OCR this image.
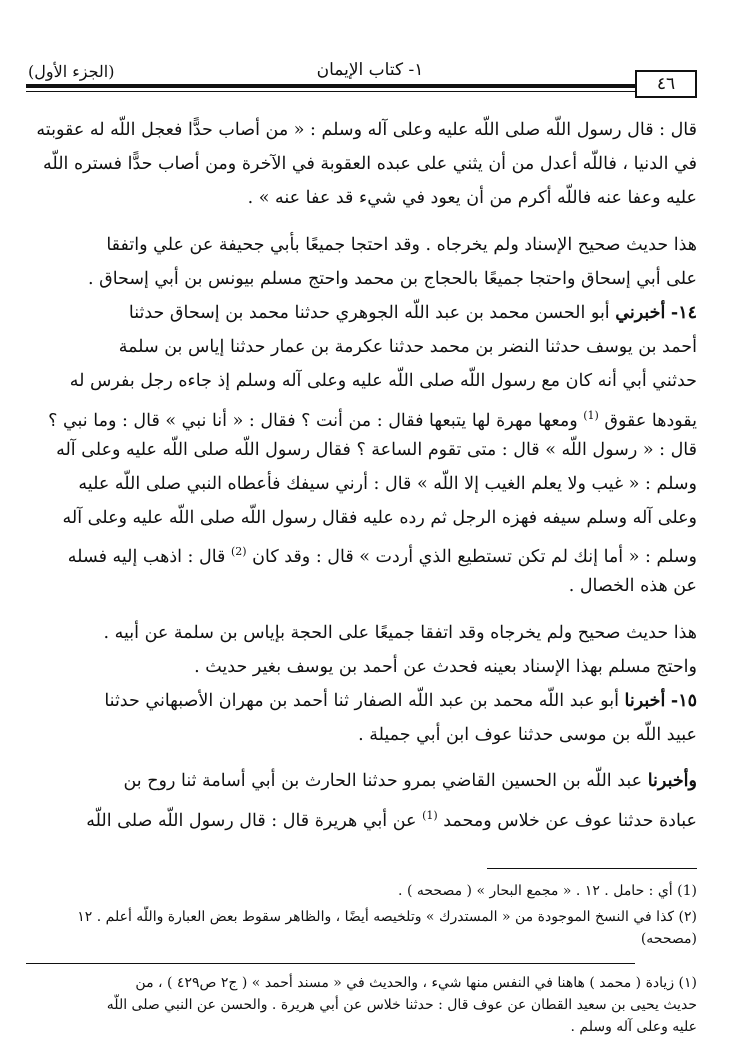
١- كتاب الإيمان
(الجزء الأول)
٤٦
قال : قال رسول اللّه صلى اللّه عليه وعلى آله وسلم : « من أصاب حدًّا فعجل اللّه له عقوبته
في الدنيا ، فاللّه أعدل من أن يثني على عبده العقوبة في الآخرة ومن أصاب حدًّا فستره اللّه
عليه وعفا عنه فاللّه أكرم من أن يعود في شيء قد عفا عنه » .
هذا حديث صحيح الإسناد ولم يخرجاه . وقد احتجا جميعًا بأبي جحيفة عن علي واتفقا
على أبي إسحاق واحتجا جميعًا بالحجاج بن محمد واحتج مسلم بيونس بن أبي إسحاق .
١٤- أخبرني أبو الحسن محمد بن عبد اللّه الجوهري حدثنا محمد بن إسحاق حدثنا
أحمد بن يوسف حدثنا النضر بن محمد حدثنا عكرمة بن عمار حدثنا إياس بن سلمة
حدثني أبي أنه كان مع رسول اللّه صلى اللّه عليه وعلى آله وسلم إذ جاءه رجل بفرس له
يقودها عقوق $^{(1)}$ ومعها مهرة لها يتبعها فقال : من أنت ؟ فقال : « أنا نبي » قال : وما نبي ؟
قال : « رسول اللّه » قال : متى تقوم الساعة ؟ فقال رسول اللّه صلى اللّه عليه وعلى آله
وسلم : « غيب ولا يعلم الغيب إلا اللّه » قال : أرني سيفك فأعطاه النبي صلى اللّه عليه
وعلى آله وسلم سيفه فهزه الرجل ثم رده عليه فقال رسول اللّه صلى اللّه عليه وعلى آله
وسلم : « أما إنك لم تكن تستطيع الذي أردت » قال : وقد كان $^{(2)}$ قال : اذهب إليه فسله
عن هذه الخصال .
هذا حديث صحيح ولم يخرجاه وقد اتفقا جميعًا على الحجة بإياس بن سلمة عن أبيه .
واحتج مسلم بهذا الإسناد بعينه فحدث عن أحمد بن يوسف بغير حديث .
١٥- أخبرنا أبو عبد اللّه محمد بن عبد اللّه الصفار ثنا أحمد بن مهران الأصبهاني حدثنا
عبيد اللّه بن موسى حدثنا عوف ابن أبي جميلة .
وأخبرنا عبد اللّه بن الحسين القاضي بمرو حدثنا الحارث بن أبي أسامة ثنا روح بن
عبادة حدثنا عوف عن خلاس ومحمد $^{(1)}$ عن أبي هريرة قال : قال رسول اللّه صلى اللّه
(1) أي : حامل . ١٢ . « مجمع البحار » ( مصححه ) .
(٢) كذا في النسخ الموجودة من « المستدرك » وتلخيصه أيضًا ، والظاهر سقوط بعض العبارة واللّه أعلم . ١٢
(مصححه)
(١) زيادة ( محمد ) هاهنا في النفس منها شيء ، والحديث في « مسند أحمد » ( ج٢ ص٤٢٩ ) ، من
حديث يحيى بن سعيد القطان عن عوف قال : حدثنا خلاس عن أبي هريرة . والحسن عن النبي صلى اللّه
عليه وعلى آله وسلم .
